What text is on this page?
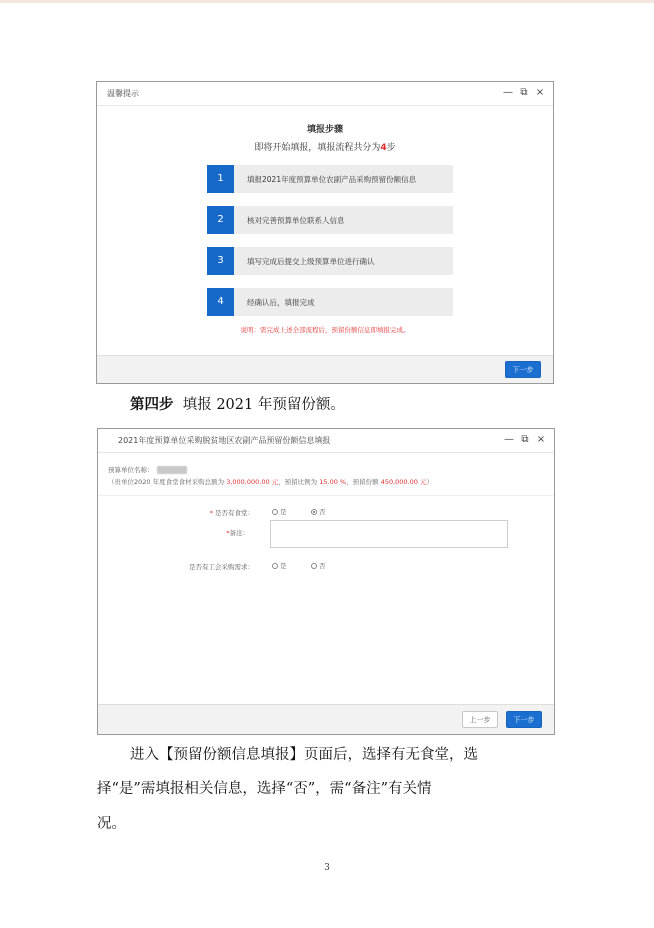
温馨提示	— ⧉ ×
填报步骤
即将开始填报，填报流程共分为4步
1	填报2021年度预算单位农副产品采购预留份额信息
2	核对完善预算单位联系人信息
3	填写完成后提交上级预算单位进行确认
4	经确认后，填报完成
说明：需完成上述全部流程后，预留份额信息即填报完成。
下一步
第四步 填报 2021 年预留份额。
2021年度预算单位采购脱贫地区农副产品预留份额信息填报	— ⧉ ×
预算单位名称：
（贵单位2020 年度食堂食材采购总额为 3,000,000.00 元，预留比例为 15.00 %，预留份额 450,000.00 元）
* 是否有食堂：	是	否
*备注：
是否有工会采购需求：	是	否
上一步	下一步
进入【预留份额信息填报】页面后，选择有无食堂，选
择“是”需填报相关信息，选择“否”，需“备注”有关情
况。
3
